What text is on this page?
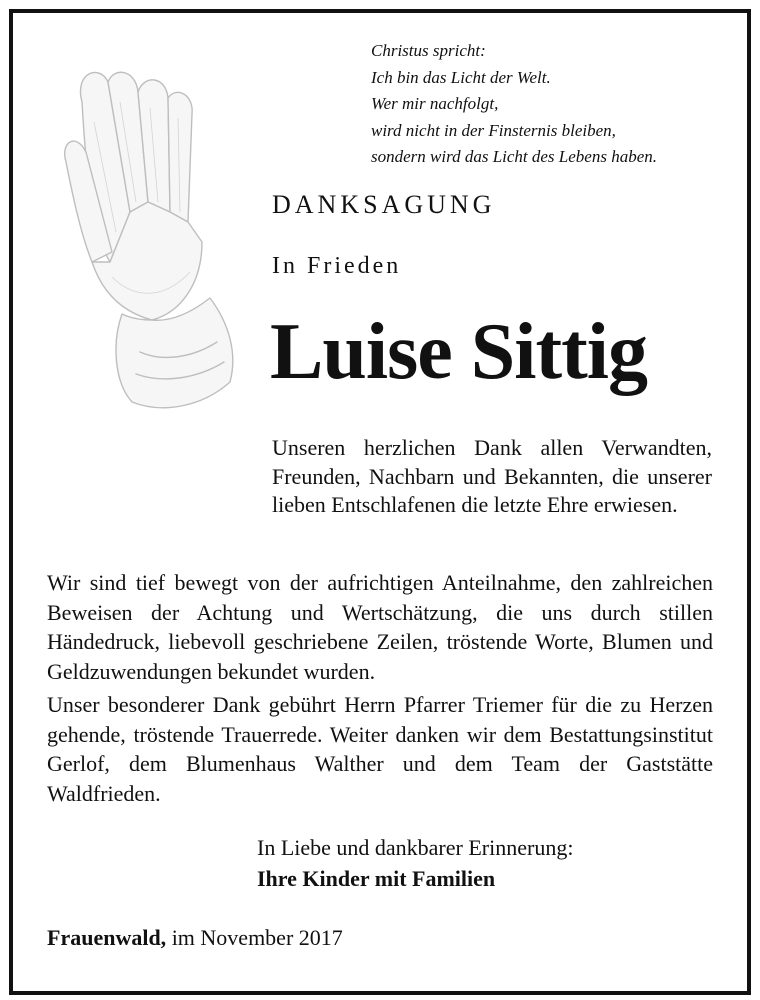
Christus spricht:
Ich bin das Licht der Welt.
Wer mir nachfolgt,
wird nicht in der Finsternis bleiben,
sondern wird das Licht des Lebens haben.
DANKSAGUNG
In Frieden
Luise Sittig
Unseren herzlichen Dank allen Verwandten, Freunden, Nachbarn und Bekannten, die unserer lieben Entschlafenen die letzte Ehre erwiesen.

Wir sind tief bewegt von der aufrichtigen Anteilnahme, den zahlreichen Beweisen der Achtung und Wertschätzung, die uns durch stillen Händedruck, liebevoll geschriebene Zeilen, tröstende Worte, Blumen und Geldzuwendungen bekundet wurden.

Unser besonderer Dank gebührt Herrn Pfarrer Triemer für die zu Herzen gehende, tröstende Trauerrede. Weiter danken wir dem Bestattungsinstitut Gerlof, dem Blumenhaus Walther und dem Team der Gaststätte Waldfrieden.

In Liebe und dankbarer Erinnerung:
Ihre Kinder mit Familien
Frauenwald, im November 2017
